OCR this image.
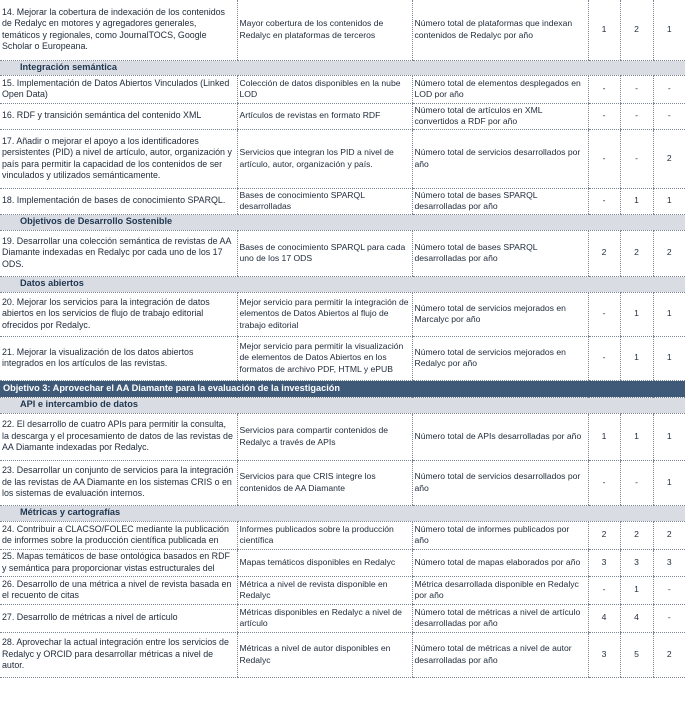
14. Mejorar la cobertura de indexación de los contenidos de Redalyc en motores y agregadores generales, temáticos y regionales, como JournalTOCS, Google Scholar o Europeana.	Mayor cobertura de los contenidos de Redalyc en plataformas de terceros	Número total de plataformas que indexan contenidos de Redalyc por año	1	2	1
Integración semántica					
15. Implementación de Datos Abiertos Vinculados (Linked Open Data)	Colección de datos disponibles en la nube LOD	Número total de elementos desplegados en LOD por año	-	-	-
16. RDF y transición semántica del contenido XML	Artículos de revistas en formato RDF	Número total de artículos en XML convertidos a RDF por año	-	-	-
17. Añadir o mejorar el apoyo a los identificadores persistentes (PID) a nivel de artículo, autor, organización y país para permitir la capacidad de los contenidos de ser vinculados y utilizados semánticamente.	Servicios que integran los PID a nivel de artículo, autor, organización y país.	Número total de servicios desarrollados por año	-	-	2
18. Implementación de bases de conocimiento SPARQL.	Bases de conocimiento SPARQL desarrolladas	Número total de bases SPARQL desarrolladas por año	-	1	1
Objetivos de Desarrollo Sostenible					
19. Desarrollar una colección semántica de revistas de AA Diamante indexadas en Redalyc por cada uno de los 17 ODS.	Bases de conocimiento SPARQL para cada uno de los 17 ODS	Número total de bases SPARQL desarrolladas por año	2	2	2
Datos abiertos					
20. Mejorar los servicios para la integración de datos abiertos en los servicios de flujo de trabajo editorial ofrecidos por Redalyc.	Mejor servicio para permitir la integración de elementos de Datos Abiertos al flujo de trabajo editorial	Número total de servicios mejorados en Marcalyc por año	-	1	1
21. Mejorar la visualización de los datos abiertos integrados en los artículos de las revistas.	Mejor servicio para permitir la visualización de elementos de Datos Abiertos en los formatos de archivo PDF, HTML y ePUB	Número total de servicios mejorados en Redalyc por año	-	1	1
Objetivo 3: Aprovechar el AA Diamante para la evaluación de la investigación					
API e intercambio de datos					
22. El desarrollo de cuatro APIs para permitir la consulta, la descarga y el procesamiento de datos de las revistas de AA Diamante indexadas por Redalyc.	Servicios para compartir contenidos de Redalyc a través de APIs	Número total de APIs desarrolladas por año	1	1	1
23. Desarrollar un conjunto de servicios para la integración de las revistas de AA Diamante en los sistemas CRIS o en los sistemas de evaluación internos.	Servicios para que CRIS integre los contenidos de AA Diamante	Número total de servicios desarrollados por año	-	-	1
Métricas y cartografías					
24. Contribuir a CLACSO/FOLEC mediante la publicación de informes sobre la producción científica publicada en	Informes publicados sobre la producción científica	Número total de informes publicados por año	2	2	2
25. Mapas temáticos de base ontológica basados en RDF y semántica para proporcionar vistas estructurales del	Mapas temáticos disponibles en Redalyc	Número total de mapas elaborados por año	3	3	3
26. Desarrollo de una métrica a nivel de revista basada en el recuento de citas	Métrica a nivel de revista disponible en Redalyc	Métrica desarrollada disponible en Redalyc por año	-	1	-
27. Desarrollo de métricas a nivel de artículo	Métricas disponibles en Redalyc a nivel de artículo	Número total de métricas a nivel de artículo desarrolladas por año	4	4	-
28. Aprovechar la actual integración entre los servicios de Redalyc y ORCID para desarrollar métricas a nivel de autor.	Métricas a nivel de autor disponibles en Redalyc	Número total de métricas a nivel de autor desarrolladas por año	3	5	2
